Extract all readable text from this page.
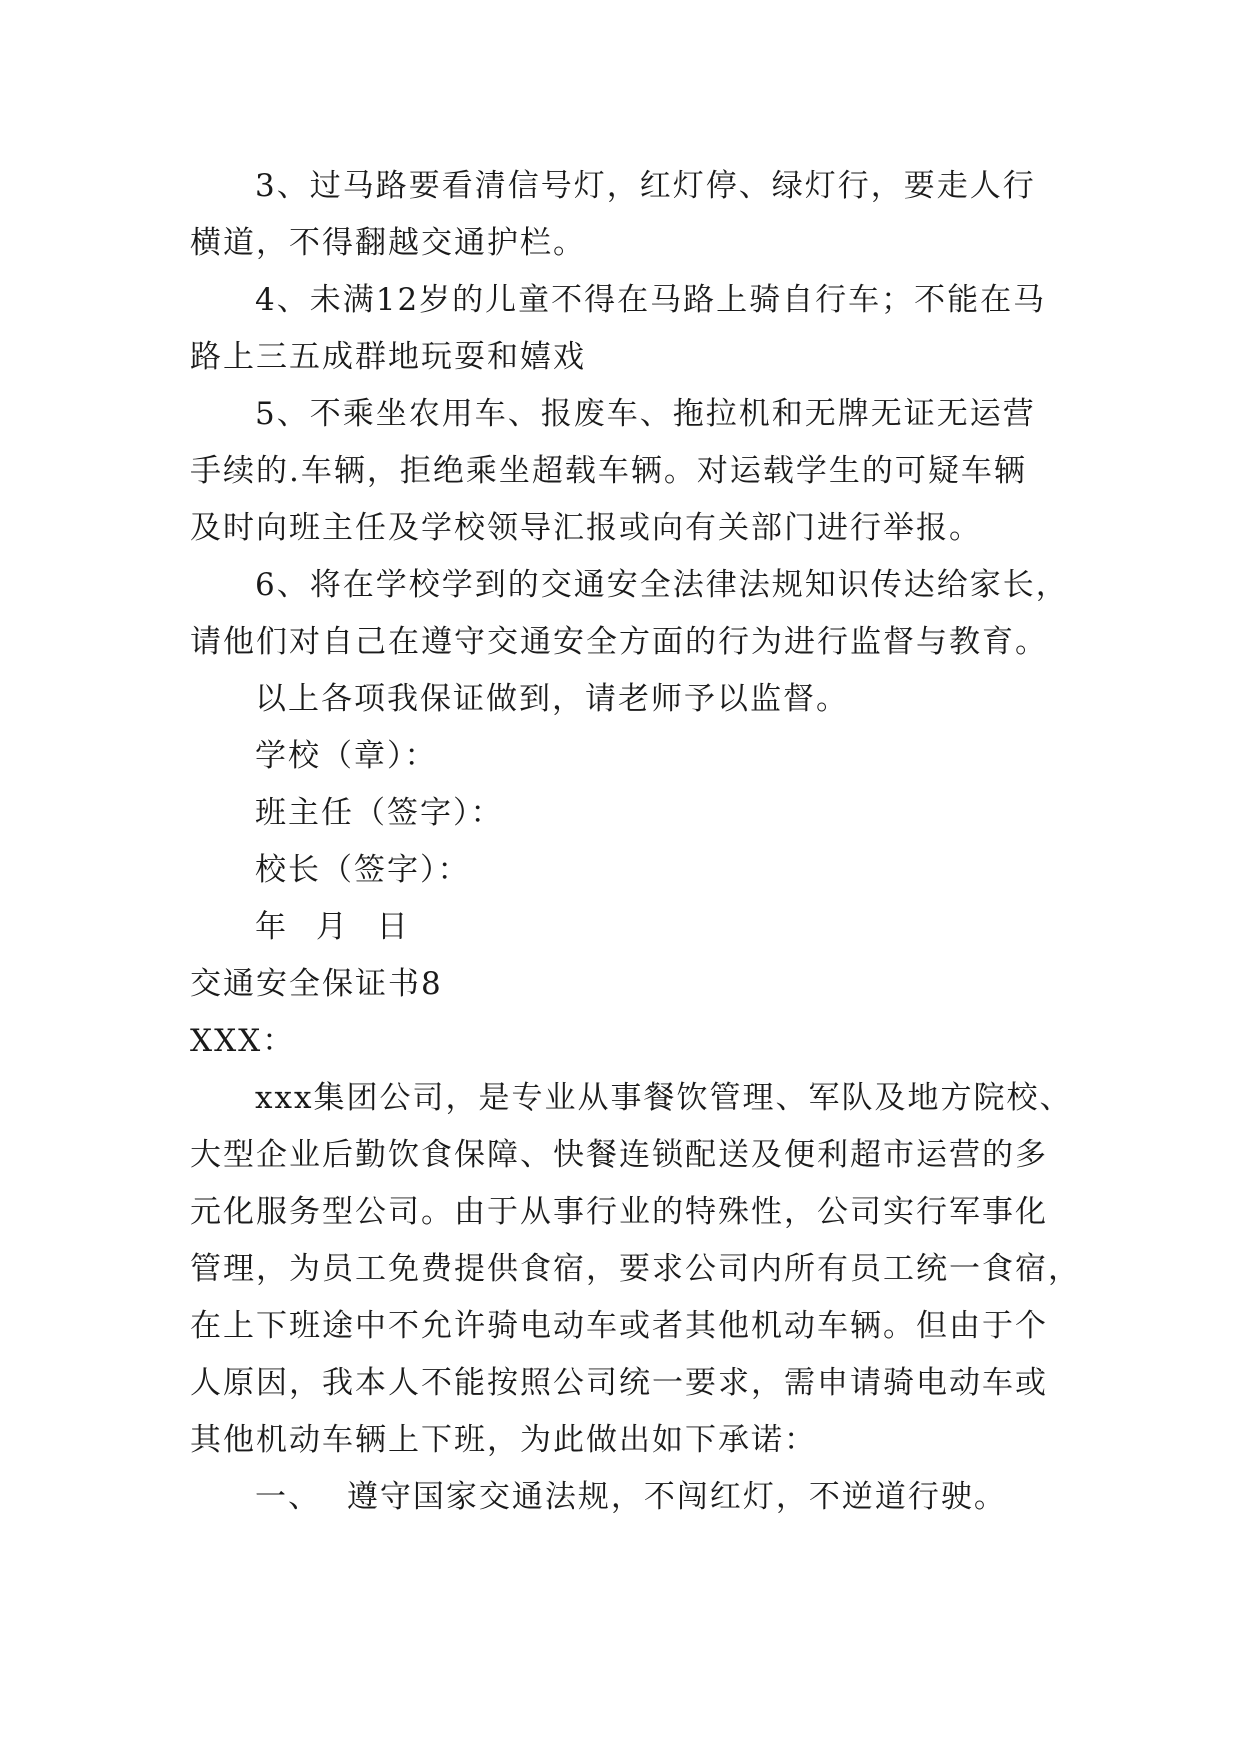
3、过马路要看清信号灯，红灯停、绿灯行，要走人行
横道，不得翻越交通护栏。
4、未满12岁的儿童不得在马路上骑自行车；不能在马
路上三五成群地玩耍和嬉戏
5、不乘坐农用车、报废车、拖拉机和无牌无证无运营
手续的.车辆，拒绝乘坐超载车辆。对运载学生的可疑车辆
及时向班主任及学校领导汇报或向有关部门进行举报。
6、将在学校学到的交通安全法律法规知识传达给家长，
请他们对自己在遵守交通安全方面的行为进行监督与教育。
以上各项我保证做到，请老师予以监督。
学校（章）：
班主任（签字）：
校长（签字）：
年 月 日
交通安全保证书8
XXX：
xxx集团公司，是专业从事餐饮管理、军队及地方院校、
大型企业后勤饮食保障、快餐连锁配送及便利超市运营的多
元化服务型公司。由于从事行业的特殊性，公司实行军事化
管理，为员工免费提供食宿，要求公司内所有员工统一食宿，
在上下班途中不允许骑电动车或者其他机动车辆。但由于个
人原因，我本人不能按照公司统一要求，需申请骑电动车或
其他机动车辆上下班，为此做出如下承诺：
一、 遵守国家交通法规，不闯红灯，不逆道行驶。
